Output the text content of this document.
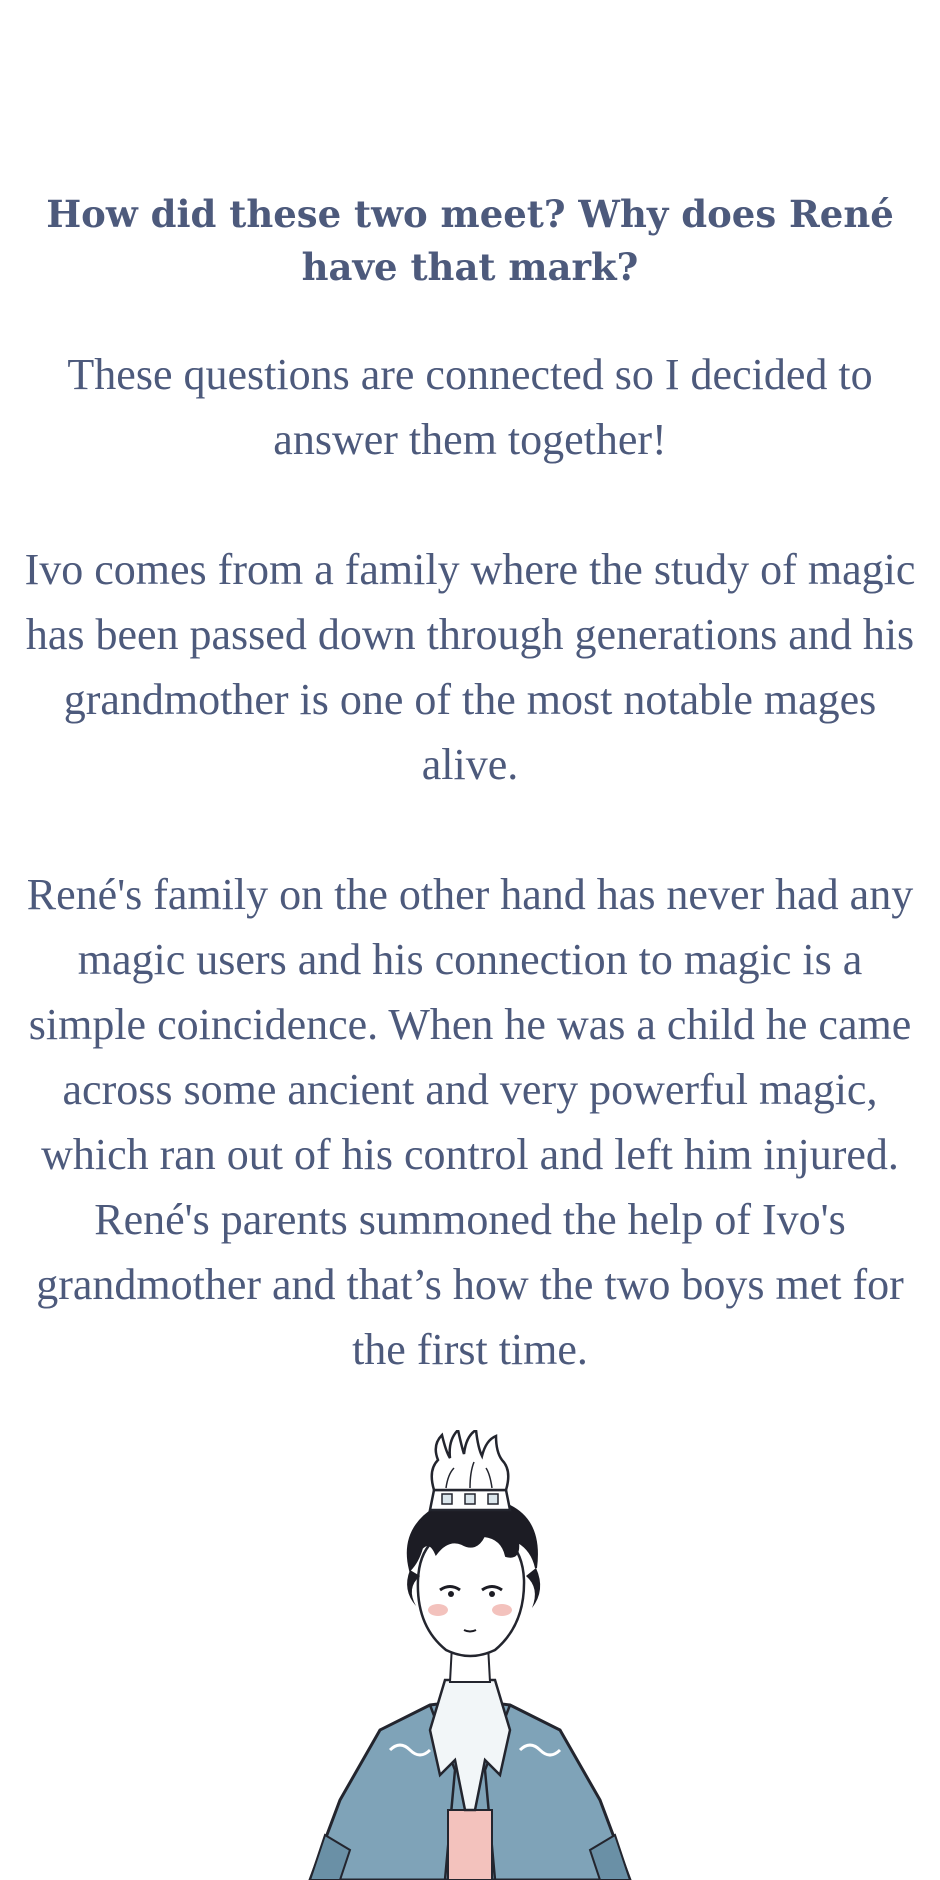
How did these two meet? Why does René have that mark?

These questions are connected so I decided to answer them together!

Ivo comes from a family where the study of magic has been passed down through generations and his grandmother is one of the most notable mages alive.

René's family on the other hand has never had any magic users and his connection to magic is a simple coincidence. When he was a child he came across some ancient and very powerful magic, which ran out of his control and left him injured. René's parents summoned the help of Ivo's grandmother and that’s how the two boys met for the first time.
